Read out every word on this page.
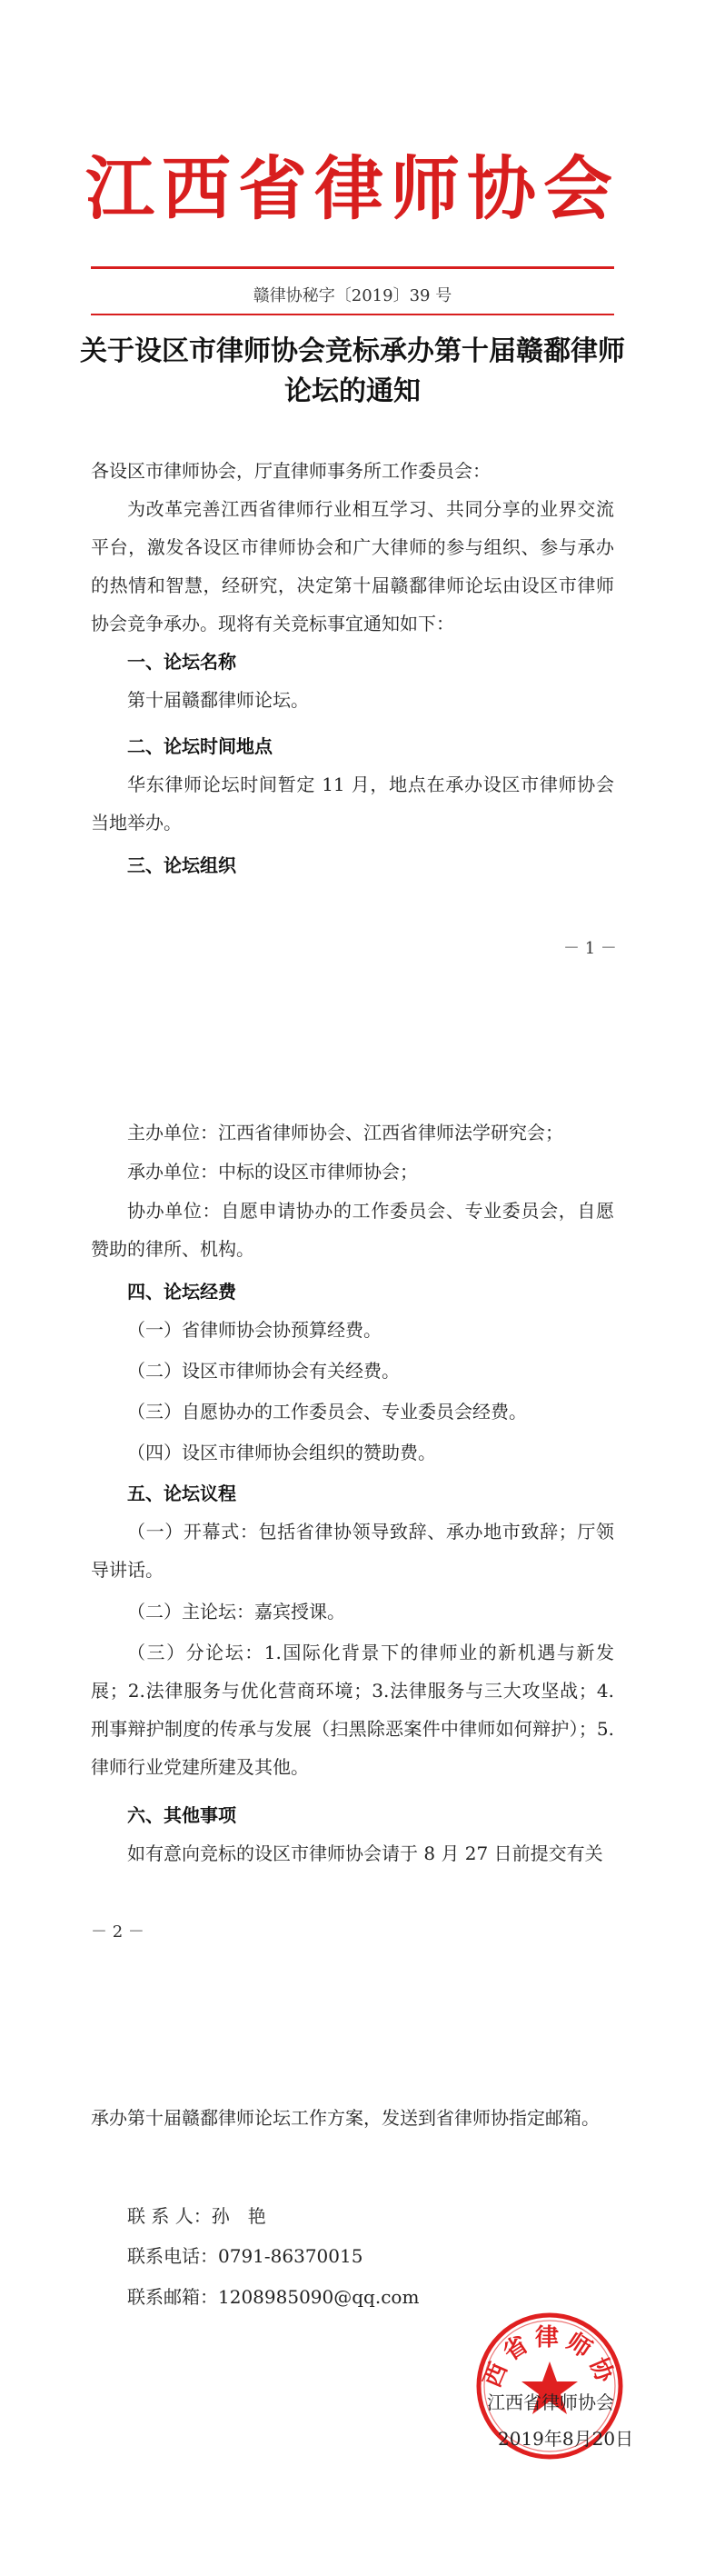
江西省律师协会
赣律协秘字〔2019〕39 号
关于设区市律师协会竞标承办第十届赣鄱律师
论坛的通知
各设区市律师协会，厅直律师事务所工作委员会：
为改革完善江西省律师行业相互学习、共同分享的业界交流平台，激发各设区市律师协会和广大律师的参与组织、参与承办的热情和智慧，经研究，决定第十届赣鄱律师论坛由设区市律师协会竞争承办。现将有关竞标事宜通知如下：
一、论坛名称
第十届赣鄱律师论坛。
二、论坛时间地点
华东律师论坛时间暂定 11 月，地点在承办设区市律师协会当地举办。
三、论坛组织
－ 1 －
主办单位：江西省律师协会、江西省律师法学研究会；
承办单位：中标的设区市律师协会；
协办单位：自愿申请协办的工作委员会、专业委员会，自愿赞助的律所、机构。
四、论坛经费
（一）省律师协会协预算经费。
（二）设区市律师协会有关经费。
（三）自愿协办的工作委员会、专业委员会经费。
（四）设区市律师协会组织的赞助费。
五、论坛议程
（一）开幕式：包括省律协领导致辞、承办地市致辞；厅领导讲话。
（二）主论坛：嘉宾授课。
（三）分论坛：1.国际化背景下的律师业的新机遇与新发展；2.法律服务与优化营商环境；3.法律服务与三大攻坚战；4.刑事辩护制度的传承与发展（扫黑除恶案件中律师如何辩护）；5.律师行业党建所建及其他。
六、其他事项
如有意向竞标的设区市律师协会请于 8 月 27 日前提交有关
－ 2 －
承办第十届赣鄱律师论坛工作方案，发送到省律师协指定邮箱。
联 系 人：孙　艳
联系电话：0791-86370015
联系邮箱：1208985090@qq.com
西省律师协
江西省律师协会
2019年8月20日
